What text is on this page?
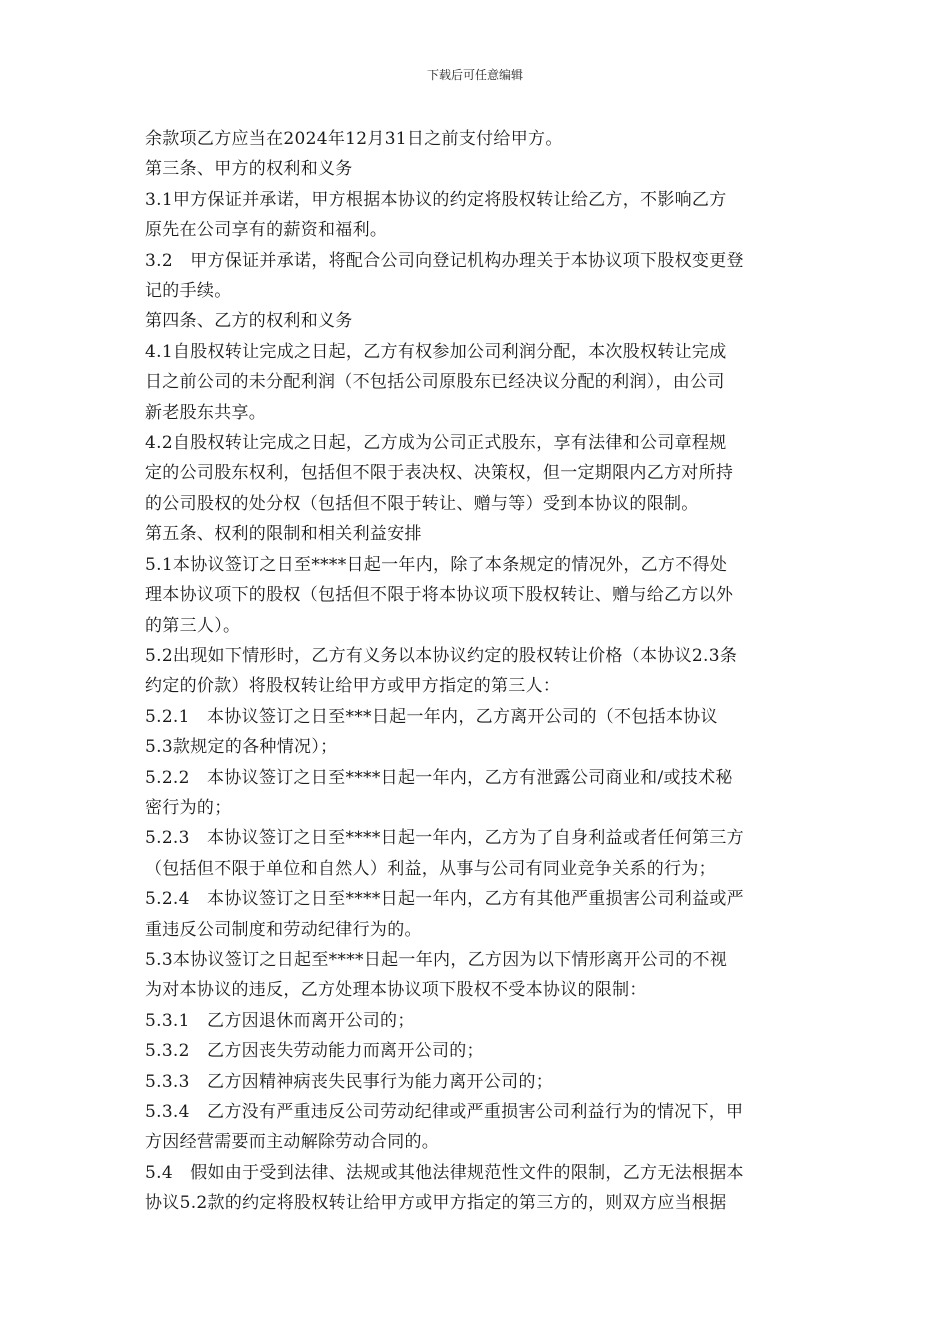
下载后可任意编辑

余款项乙方应当在2024年12月31日之前支付给甲方。

第三条、甲方的权利和义务

3.1甲方保证并承诺，甲方根据本协议的约定将股权转让给乙方，不影响乙方

原先在公司享有的薪资和福利。

3.2　甲方保证并承诺，将配合公司向登记机构办理关于本协议项下股权变更登

记的手续。

第四条、乙方的权利和义务

4.1自股权转让完成之日起，乙方有权参加公司利润分配，本次股权转让完成

日之前公司的未分配利润（不包括公司原股东已经决议分配的利润），由公司

新老股东共享。

4.2自股权转让完成之日起，乙方成为公司正式股东，享有法律和公司章程规

定的公司股东权利，包括但不限于表决权、决策权，但一定期限内乙方对所持

的公司股权的处分权（包括但不限于转让、赠与等）受到本协议的限制。

第五条、权利的限制和相关利益安排

5.1本协议签订之日至****日起一年内，除了本条规定的情况外，乙方不得处

理本协议项下的股权（包括但不限于将本协议项下股权转让、赠与给乙方以外

的第三人）。

5.2出现如下情形时，乙方有义务以本协议约定的股权转让价格（本协议2.3条

约定的价款）将股权转让给甲方或甲方指定的第三人：

5.2.1　本协议签订之日至***日起一年内，乙方离开公司的（不包括本协议

5.3款规定的各种情况）；

5.2.2　本协议签订之日至****日起一年内，乙方有泄露公司商业和/或技术秘

密行为的；

5.2.3　本协议签订之日至****日起一年内，乙方为了自身利益或者任何第三方

（包括但不限于单位和自然人）利益，从事与公司有同业竞争关系的行为；

5.2.4　本协议签订之日至****日起一年内，乙方有其他严重损害公司利益或严

重违反公司制度和劳动纪律行为的。

5.3本协议签订之日起至****日起一年内，乙方因为以下情形离开公司的不视

为对本协议的违反，乙方处理本协议项下股权不受本协议的限制：

5.3.1　乙方因退休而离开公司的；

5.3.2　乙方因丧失劳动能力而离开公司的；

5.3.3　乙方因精神病丧失民事行为能力离开公司的；

5.3.4　乙方没有严重违反公司劳动纪律或严重损害公司利益行为的情况下，甲

方因经营需要而主动解除劳动合同的。

5.4　假如由于受到法律、法规或其他法律规范性文件的限制，乙方无法根据本

协议5.2款的约定将股权转让给甲方或甲方指定的第三方的，则双方应当根据
